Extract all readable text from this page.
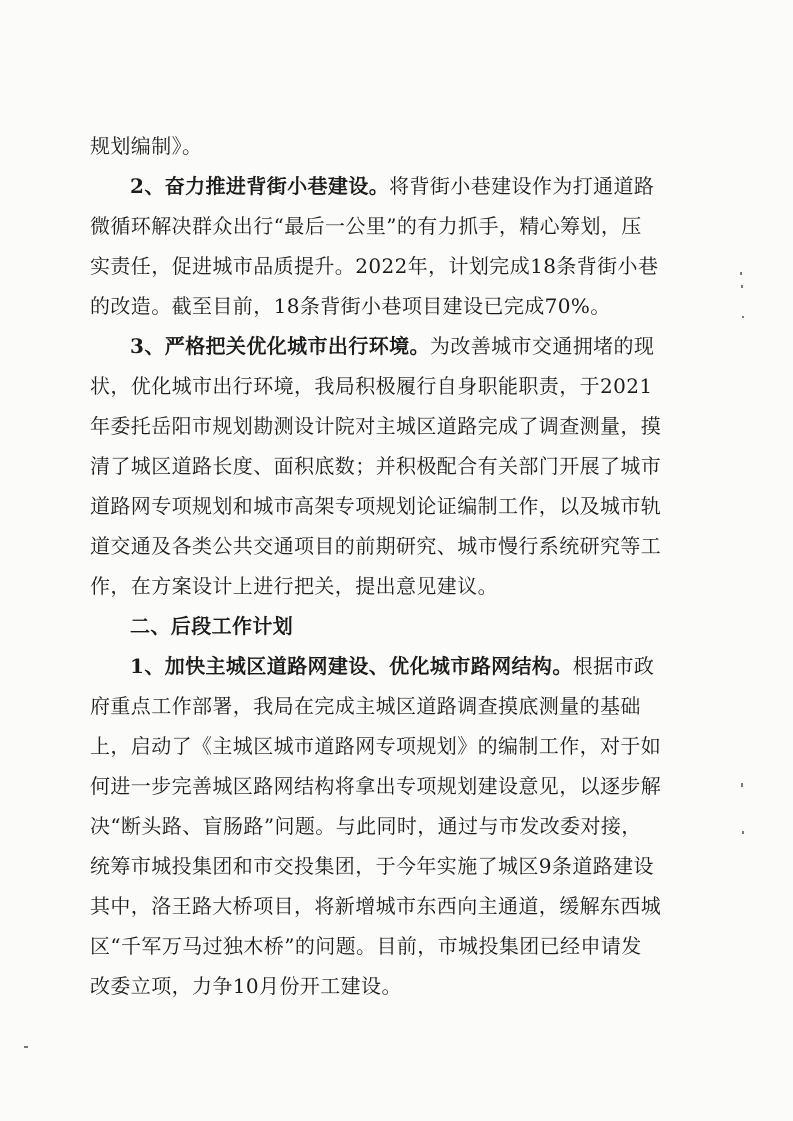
规划编制》。
2、奋力推进背街小巷建设。将背街小巷建设作为打通道路
微循环解决群众出行“最后一公里”的有力抓手，精心筹划，压
实责任，促进城市品质提升。2022年，计划完成18条背街小巷
的改造。截至目前，18条背街小巷项目建设已完成70%。
3、严格把关优化城市出行环境。为改善城市交通拥堵的现
状，优化城市出行环境，我局积极履行自身职能职责，于2021
年委托岳阳市规划勘测设计院对主城区道路完成了调查测量，摸
清了城区道路长度、面积底数；并积极配合有关部门开展了城市
道路网专项规划和城市高架专项规划论证编制工作，以及城市轨
道交通及各类公共交通项目的前期研究、城市慢行系统研究等工
作，在方案设计上进行把关，提出意见建议。
二、后段工作计划
1、加快主城区道路网建设、优化城市路网结构。根据市政
府重点工作部署，我局在完成主城区道路调查摸底测量的基础
上，启动了《主城区城市道路网专项规划》的编制工作，对于如
何进一步完善城区路网结构将拿出专项规划建设意见，以逐步解
决“断头路、盲肠路”问题。与此同时，通过与市发改委对接，
统筹市城投集团和市交投集团，于今年实施了城区9条道路建设
其中，洛王路大桥项目，将新增城市东西向主通道，缓解东西城
区“千军万马过独木桥”的问题。目前，市城投集团已经申请发
改委立项，力争10月份开工建设。
